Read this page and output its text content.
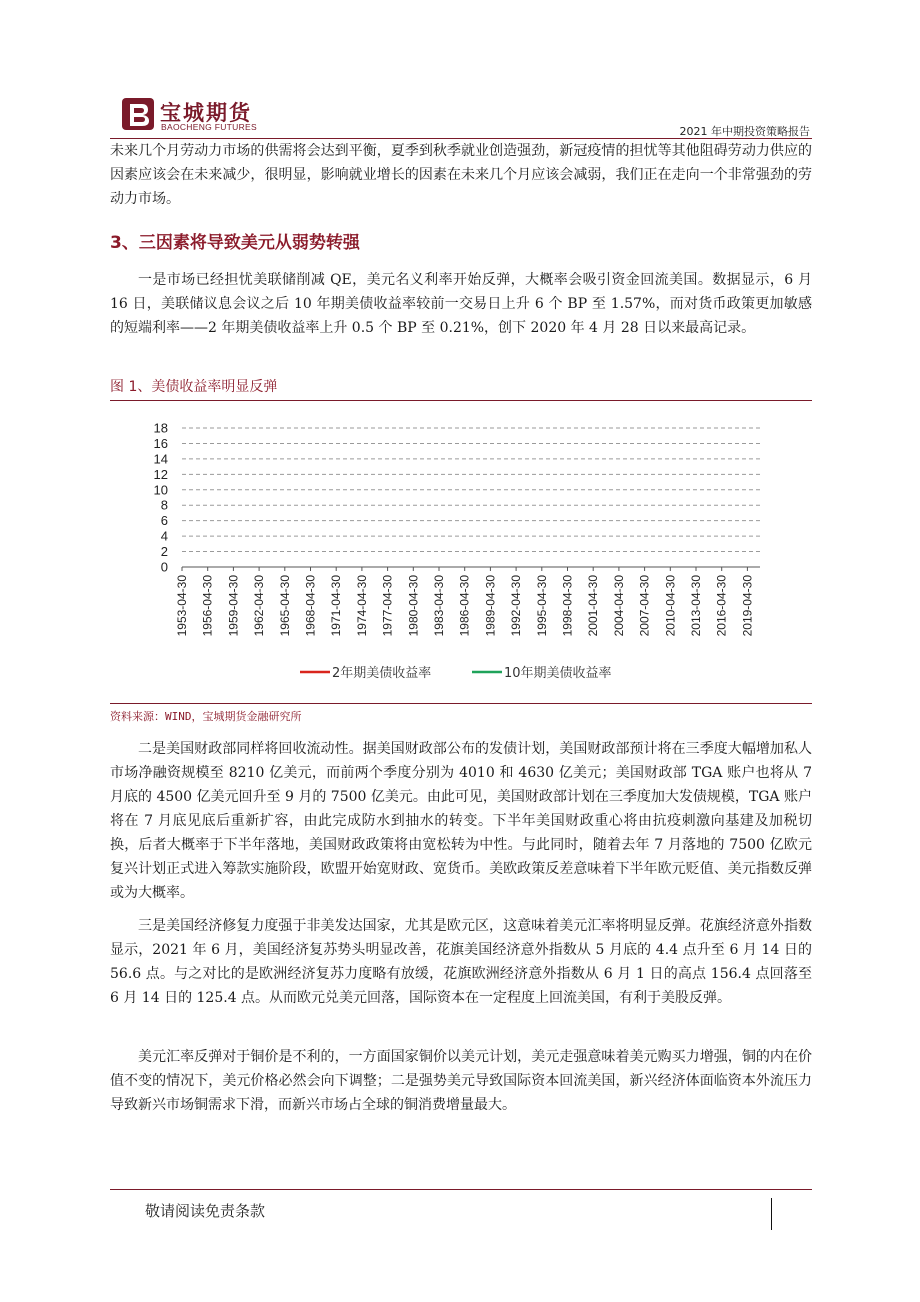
宝城期货
BAOCHENG FUTURES	2021 年中期投资策略报告

未来几个月劳动力市场的供需将会达到平衡，夏季到秋季就业创造强劲，新冠疫情的担忧等其他阻碍劳动力供应的因素应该会在未来减少，很明显，影响就业增长的因素在未来几个月应该会减弱，我们正在走向一个非常强劲的劳动力市场。

3、三因素将导致美元从弱势转强

一是市场已经担忧美联储削减 QE，美元名义利率开始反弹，大概率会吸引资金回流美国。数据显示，6 月 16 日，美联储议息会议之后 10 年期美债收益率较前一交易日上升 6 个 BP 至 1.57%，而对货币政策更加敏感的短端利率——2 年期美债收益率上升 0.5 个 BP 至 0.21%，创下 2020 年 4 月 28 日以来最高记录。

图 1、美债收益率明显反弹
0
2
4
6
8
10
12
14
16
18
1953-04-30 1956-04-30 1959-04-30 1962-04-30 1965-04-30 1968-04-30 1971-04-30 1974-04-30 1977-04-30 1980-04-30 1983-04-30 1986-04-30 1989-04-30 1992-04-30 1995-04-30 1998-04-30 2001-04-30 2004-04-30 2007-04-30 2010-04-30 2013-04-30 2016-04-30 2019-04-30
2年期美债收益率	10年期美债收益率
资料来源：WIND，宝城期货金融研究所

二是美国财政部同样将回收流动性。据美国财政部公布的发债计划，美国财政部预计将在三季度大幅增加私人市场净融资规模至 8210 亿美元，而前两个季度分别为 4010 和 4630 亿美元；美国财政部 TGA 账户也将从 7 月底的 4500 亿美元回升至 9 月的 7500 亿美元。由此可见，美国财政部计划在三季度加大发债规模，TGA 账户将在 7 月底见底后重新扩容，由此完成防水到抽水的转变。下半年美国财政重心将由抗疫刺激向基建及加税切换，后者大概率于下半年落地，美国财政政策将由宽松转为中性。与此同时，随着去年 7 月落地的 7500 亿欧元复兴计划正式进入筹款实施阶段，欧盟开始宽财政、宽货币。美欧政策反差意味着下半年欧元贬值、美元指数反弹或为大概率。

三是美国经济修复力度强于非美发达国家，尤其是欧元区，这意味着美元汇率将明显反弹。花旗经济意外指数显示，2021 年 6 月，美国经济复苏势头明显改善，花旗美国经济意外指数从 5 月底的 4.4 点升至 6 月 14 日的 56.6 点。与之对比的是欧洲经济复苏力度略有放缓，花旗欧洲经济意外指数从 6 月 1 日的高点 156.4 点回落至 6 月 14 日的 125.4 点。从而欧元兑美元回落，国际资本在一定程度上回流美国，有利于美股反弹。

美元汇率反弹对于铜价是不利的，一方面国家铜价以美元计划，美元走强意味着美元购买力增强，铜的内在价值不变的情况下，美元价格必然会向下调整；二是强势美元导致国际资本回流美国，新兴经济体面临资本外流压力导致新兴市场铜需求下滑，而新兴市场占全球的铜消费增量最大。

敬请阅读免责条款
